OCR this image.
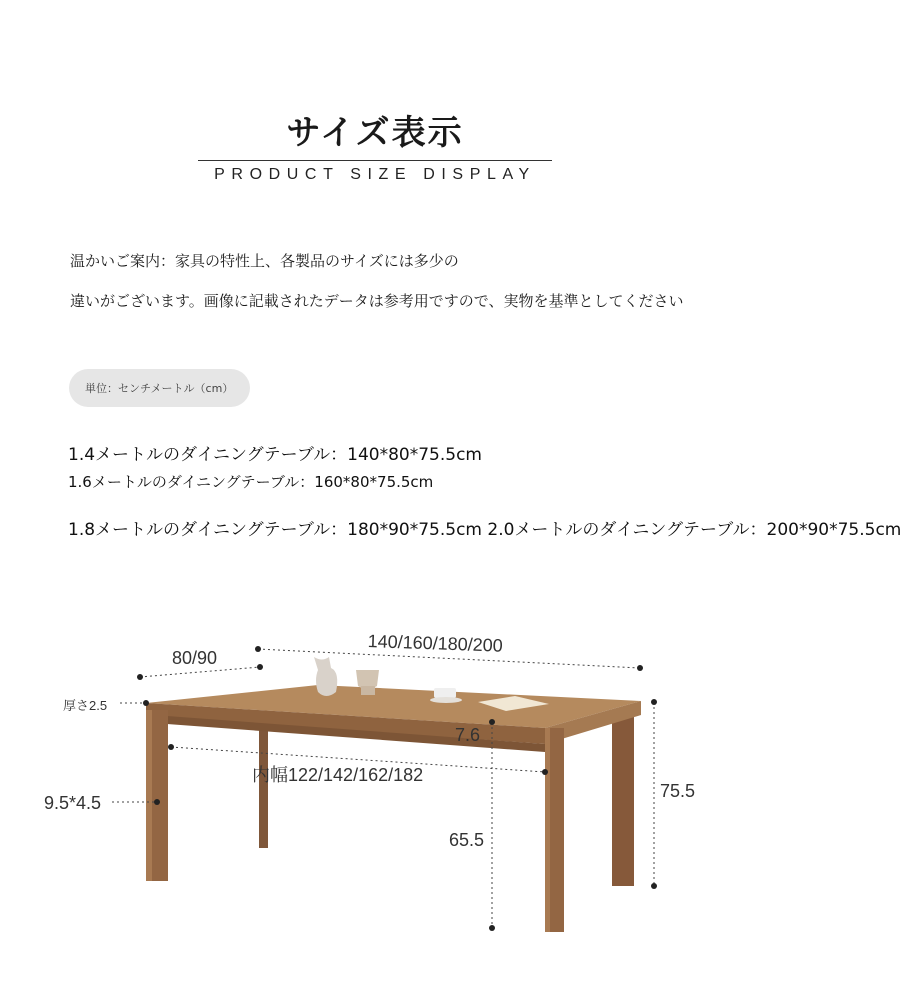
サイズ表示
PRODUCT SIZE DISPLAY
温かいご案内：家具の特性上、各製品のサイズには多少の
違いがございます。画像に記載されたデータは参考用ですので、実物を基準としてください
単位：センチメートル（cm）
1.4メートルのダイニングテーブル：140*80*75.5cm
1.6メートルのダイニングテーブル：160*80*75.5cm
1.8メートルのダイニングテーブル：180*90*75.5cm 2.0メートルのダイニングテーブル：200*90*75.5cm
140/160/180/200
80/90
厚さ2.5
7.6
内幅122/142/162/182
9.5*4.5
75.5
65.5
